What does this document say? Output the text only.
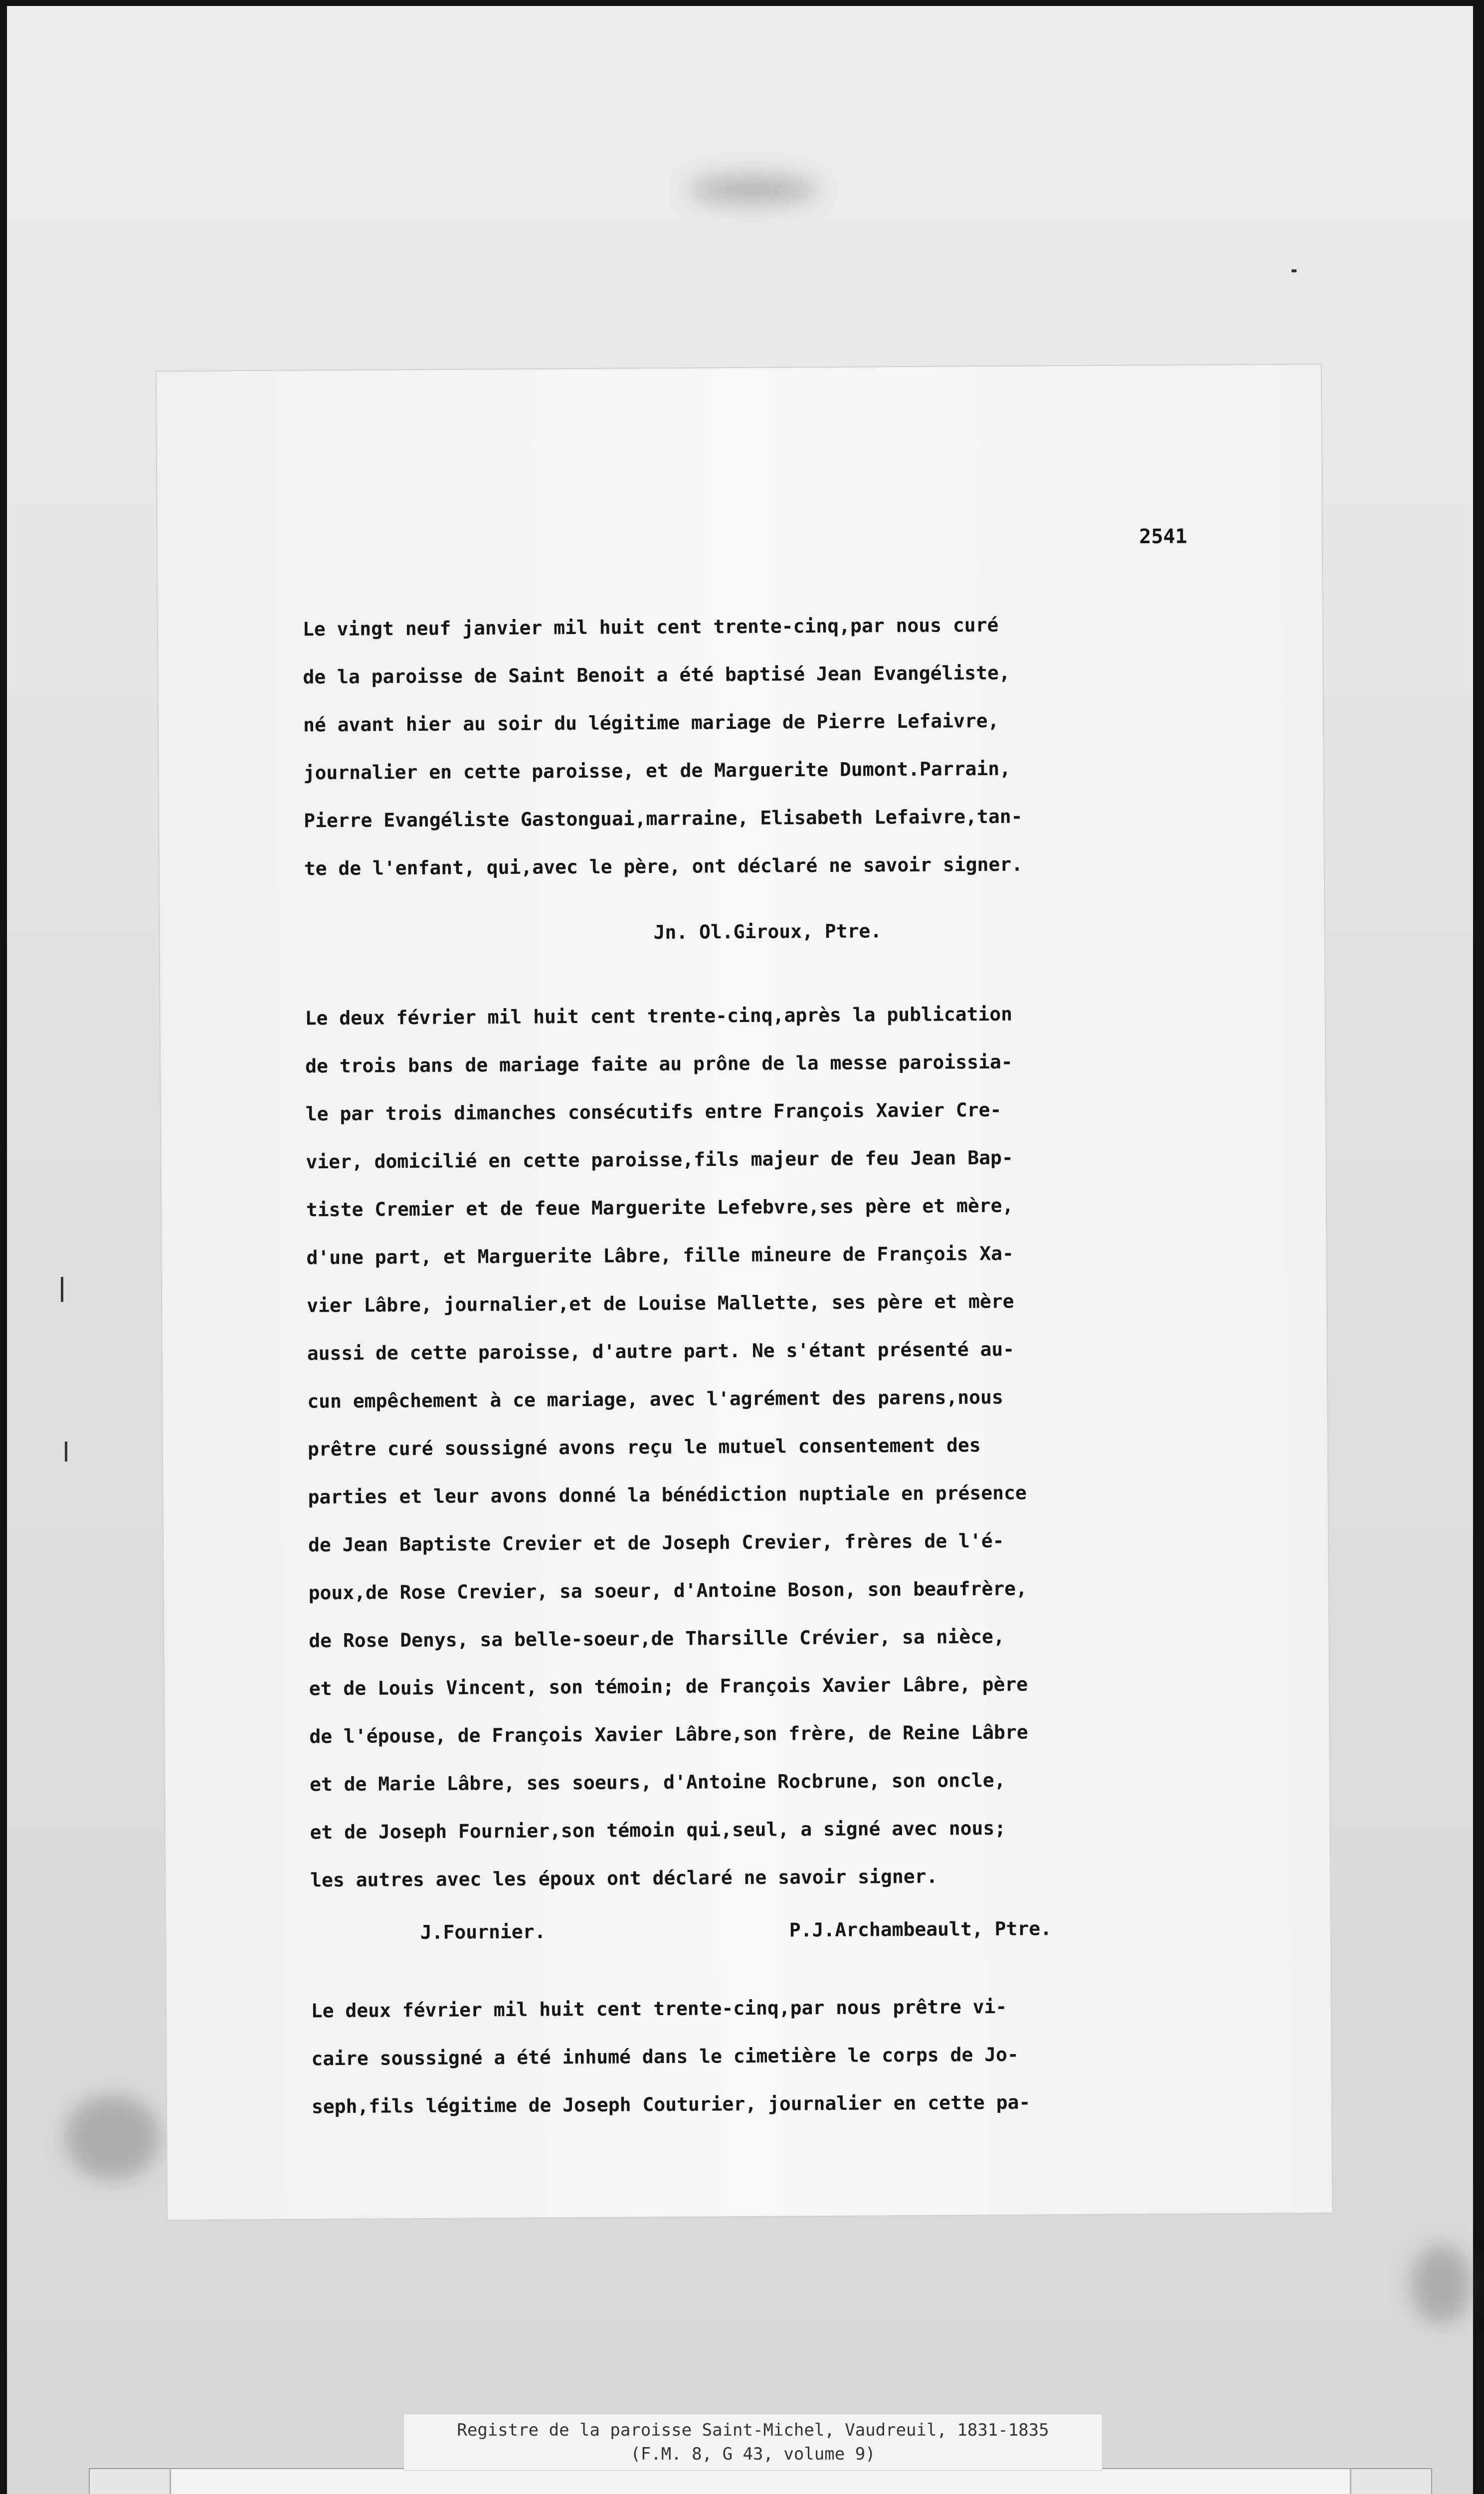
2541
Le vingt neuf janvier mil huit cent trente-cinq,par nous curé
de la paroisse de Saint Benoit a été baptisé Jean Evangéliste,
né avant hier au soir du légitime mariage de Pierre Lefaivre,
journalier en cette paroisse, et de Marguerite Dumont.Parrain,
Pierre Evangéliste Gastonguai,marraine, Elisabeth Lefaivre,tan-
te de l'enfant, qui,avec le père, ont déclaré ne savoir signer.
Jn. Ol.Giroux, Ptre.
Le deux février mil huit cent trente-cinq,après la publication
de trois bans de mariage faite au prône de la messe paroissia-
le par trois dimanches consécutifs entre François Xavier Cre-
vier, domicilié en cette paroisse,fils majeur de feu Jean Bap-
tiste Cremier et de feue Marguerite Lefebvre,ses père et mère,
d'une part, et Marguerite Lâbre, fille mineure de François Xa-
vier Lâbre, journalier,et de Louise Mallette, ses père et mère
aussi de cette paroisse, d'autre part. Ne s'étant présenté au-
cun empêchement à ce mariage, avec l'agrément des parens,nous
prêtre curé soussigné avons reçu le mutuel consentement des
parties et leur avons donné la bénédiction nuptiale en présence
de Jean Baptiste Crevier et de Joseph Crevier, frères de l'é-
poux,de Rose Crevier, sa soeur, d'Antoine Boson, son beaufrère,
de Rose Denys, sa belle-soeur,de Tharsille Crévier, sa nièce,
et de Louis Vincent, son témoin; de François Xavier Lâbre, père
de l'épouse, de François Xavier Lâbre,son frère, de Reine Lâbre
et de Marie Lâbre, ses soeurs, d'Antoine Rocbrune, son oncle,
et de Joseph Fournier,son témoin qui,seul, a signé avec nous;
les autres avec les époux ont déclaré ne savoir signer.
J.Fournier.	P.J.Archambeault, Ptre.
Le deux février mil huit cent trente-cinq,par nous prêtre vi-
caire soussigné a été inhumé dans le cimetière le corps de Jo-
seph,fils légitime de Joseph Couturier, journalier en cette pa-
Registre de la paroisse Saint-Michel, Vaudreuil, 1831-1835
(F.M. 8, G 43, volume 9)
